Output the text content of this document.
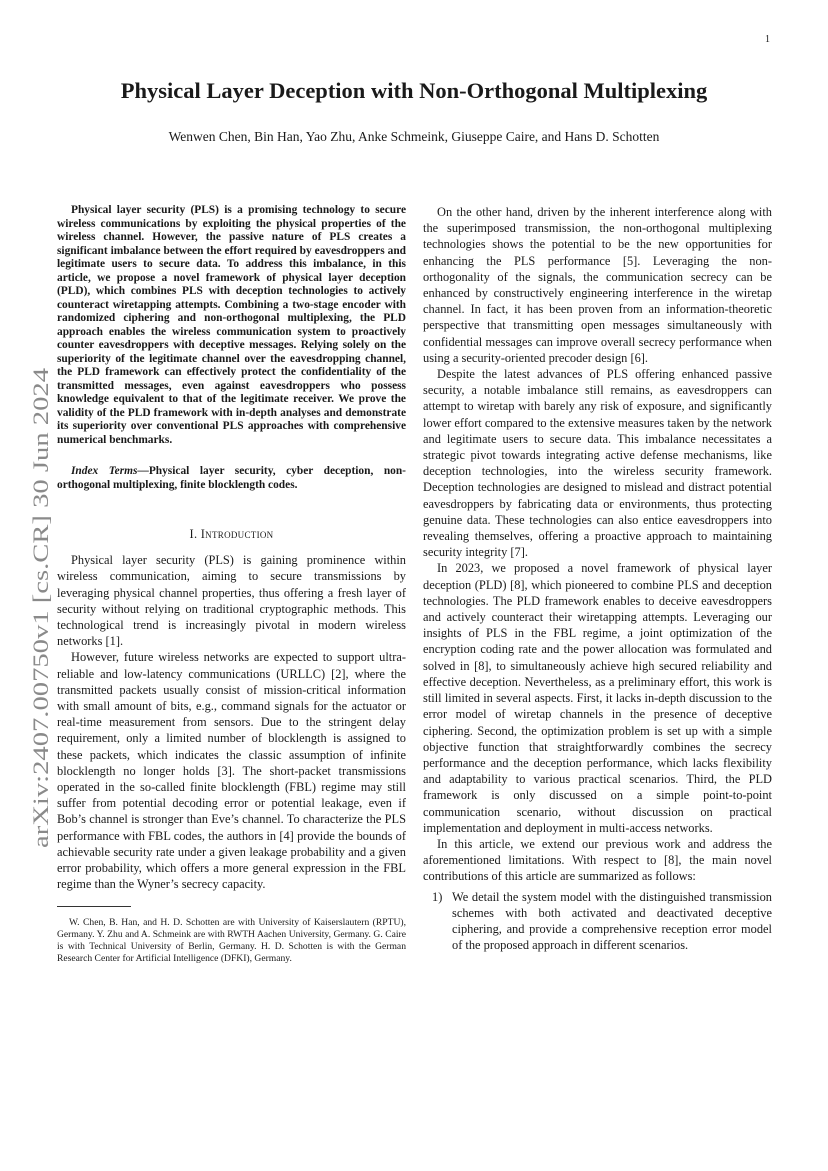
1
arXiv:2407.00750v1 [cs.CR] 30 Jun 2024
Physical Layer Deception with Non-Orthogonal Multiplexing
Wenwen Chen, Bin Han, Yao Zhu, Anke Schmeink, Giuseppe Caire, and Hans D. Schotten

Physical layer security (PLS) is a promising technology to secure wireless communications by exploiting the physical properties of the wireless channel. However, the passive nature of PLS creates a significant imbalance between the effort required by eavesdroppers and legitimate users to secure data. To address this imbalance, in this article, we propose a novel framework of physical layer deception (PLD), which combines PLS with deception technologies to actively counteract wiretapping attempts. Combining a two-stage encoder with randomized ciphering and non-orthogonal multiplexing, the PLD approach enables the wireless communication system to proactively counter eavesdroppers with deceptive messages. Relying solely on the superiority of the legitimate channel over the eavesdropping channel, the PLD framework can effectively protect the confidentiality of the transmitted messages, even against eavesdroppers who possess knowledge equivalent to that of the legitimate receiver. We prove the validity of the PLD framework with in-depth analyses and demonstrate its superiority over conventional PLS approaches with comprehensive numerical benchmarks.

Index Terms—Physical layer security, cyber deception, non-orthogonal multiplexing, finite blocklength codes.

I. Introduction

Physical layer security (PLS) is gaining prominence within wireless communication, aiming to secure transmissions by leveraging physical channel properties, thus offering a fresh layer of security without relying on traditional cryptographic methods. This technological trend is increasingly pivotal in modern wireless networks [1].

However, future wireless networks are expected to support ultra-reliable and low-latency communications (URLLC) [2], where the transmitted packets usually consist of mission-critical information with small amount of bits, e.g., command signals for the actuator or real-time measurement from sensors. Due to the stringent delay requirement, only a limited number of blocklength is assigned to these packets, which indicates the classic assumption of infinite blocklength no longer holds [3]. The short-packet transmissions operated in the so-called finite blocklength (FBL) regime may still suffer from potential decoding error or potential leakage, even if Bob’s channel is stronger than Eve’s channel. To characterize the PLS performance with FBL codes, the authors in [4] provide the bounds of achievable security rate under a given leakage probability and a given error probability, which offers a more general expression in the FBL regime than the Wyner’s secrecy capacity.

W. Chen, B. Han, and H. D. Schotten are with University of Kaiserslautern (RPTU), Germany. Y. Zhu and A. Schmeink are with RWTH Aachen University, Germany. G. Caire is with Technical University of Berlin, Germany. H. D. Schotten is with the German Research Center for Artificial Intelligence (DFKI), Germany.

On the other hand, driven by the inherent interference along with the superimposed transmission, the non-orthogonal multiplexing technologies shows the potential to be the new opportunities for enhancing the PLS performance [5]. Leveraging the non-orthogonality of the signals, the communication secrecy can be enhanced by constructively engineering interference in the wiretap channel. In fact, it has been proven from an information-theoretic perspective that transmitting open messages simultaneously with confidential messages can improve overall secrecy performance when using a security-oriented precoder design [6].

Despite the latest advances of PLS offering enhanced passive security, a notable imbalance still remains, as eavesdroppers can attempt to wiretap with barely any risk of exposure, and significantly lower effort compared to the extensive measures taken by the network and legitimate users to secure data. This imbalance necessitates a strategic pivot towards integrating active defense mechanisms, like deception technologies, into the wireless security framework. Deception technologies are designed to mislead and distract potential eavesdroppers by fabricating data or environments, thus protecting genuine data. These technologies can also entice eavesdroppers into revealing themselves, offering a proactive approach to maintaining security integrity [7].

In 2023, we proposed a novel framework of physical layer deception (PLD) [8], which pioneered to combine PLS and deception technologies. The PLD framework enables to deceive eavesdroppers and actively counteract their wiretapping attempts. Leveraging our insights of PLS in the FBL regime, a joint optimization of the encryption coding rate and the power allocation was formulated and solved in [8], to simultaneously achieve high secured reliability and effective deception. Nevertheless, as a preliminary effort, this work is still limited in several aspects. First, it lacks in-depth discussion to the error model of wiretap channels in the presence of deceptive ciphering. Second, the optimization problem is set up with a simple objective function that straightforwardly combines the secrecy performance and the deception performance, which lacks flexibility and adaptability to various practical scenarios. Third, the PLD framework is only discussed on a simple point-to-point communication scenario, without discussion on practical implementation and deployment in multi-access networks.

In this article, we extend our previous work and address the aforementioned limitations. With respect to [8], the main novel contributions of this article are summarized as follows:

1) We detail the system model with the distinguished transmission schemes with both activated and deactivated deceptive ciphering, and provide a comprehensive reception error model of the proposed approach in different scenarios.
